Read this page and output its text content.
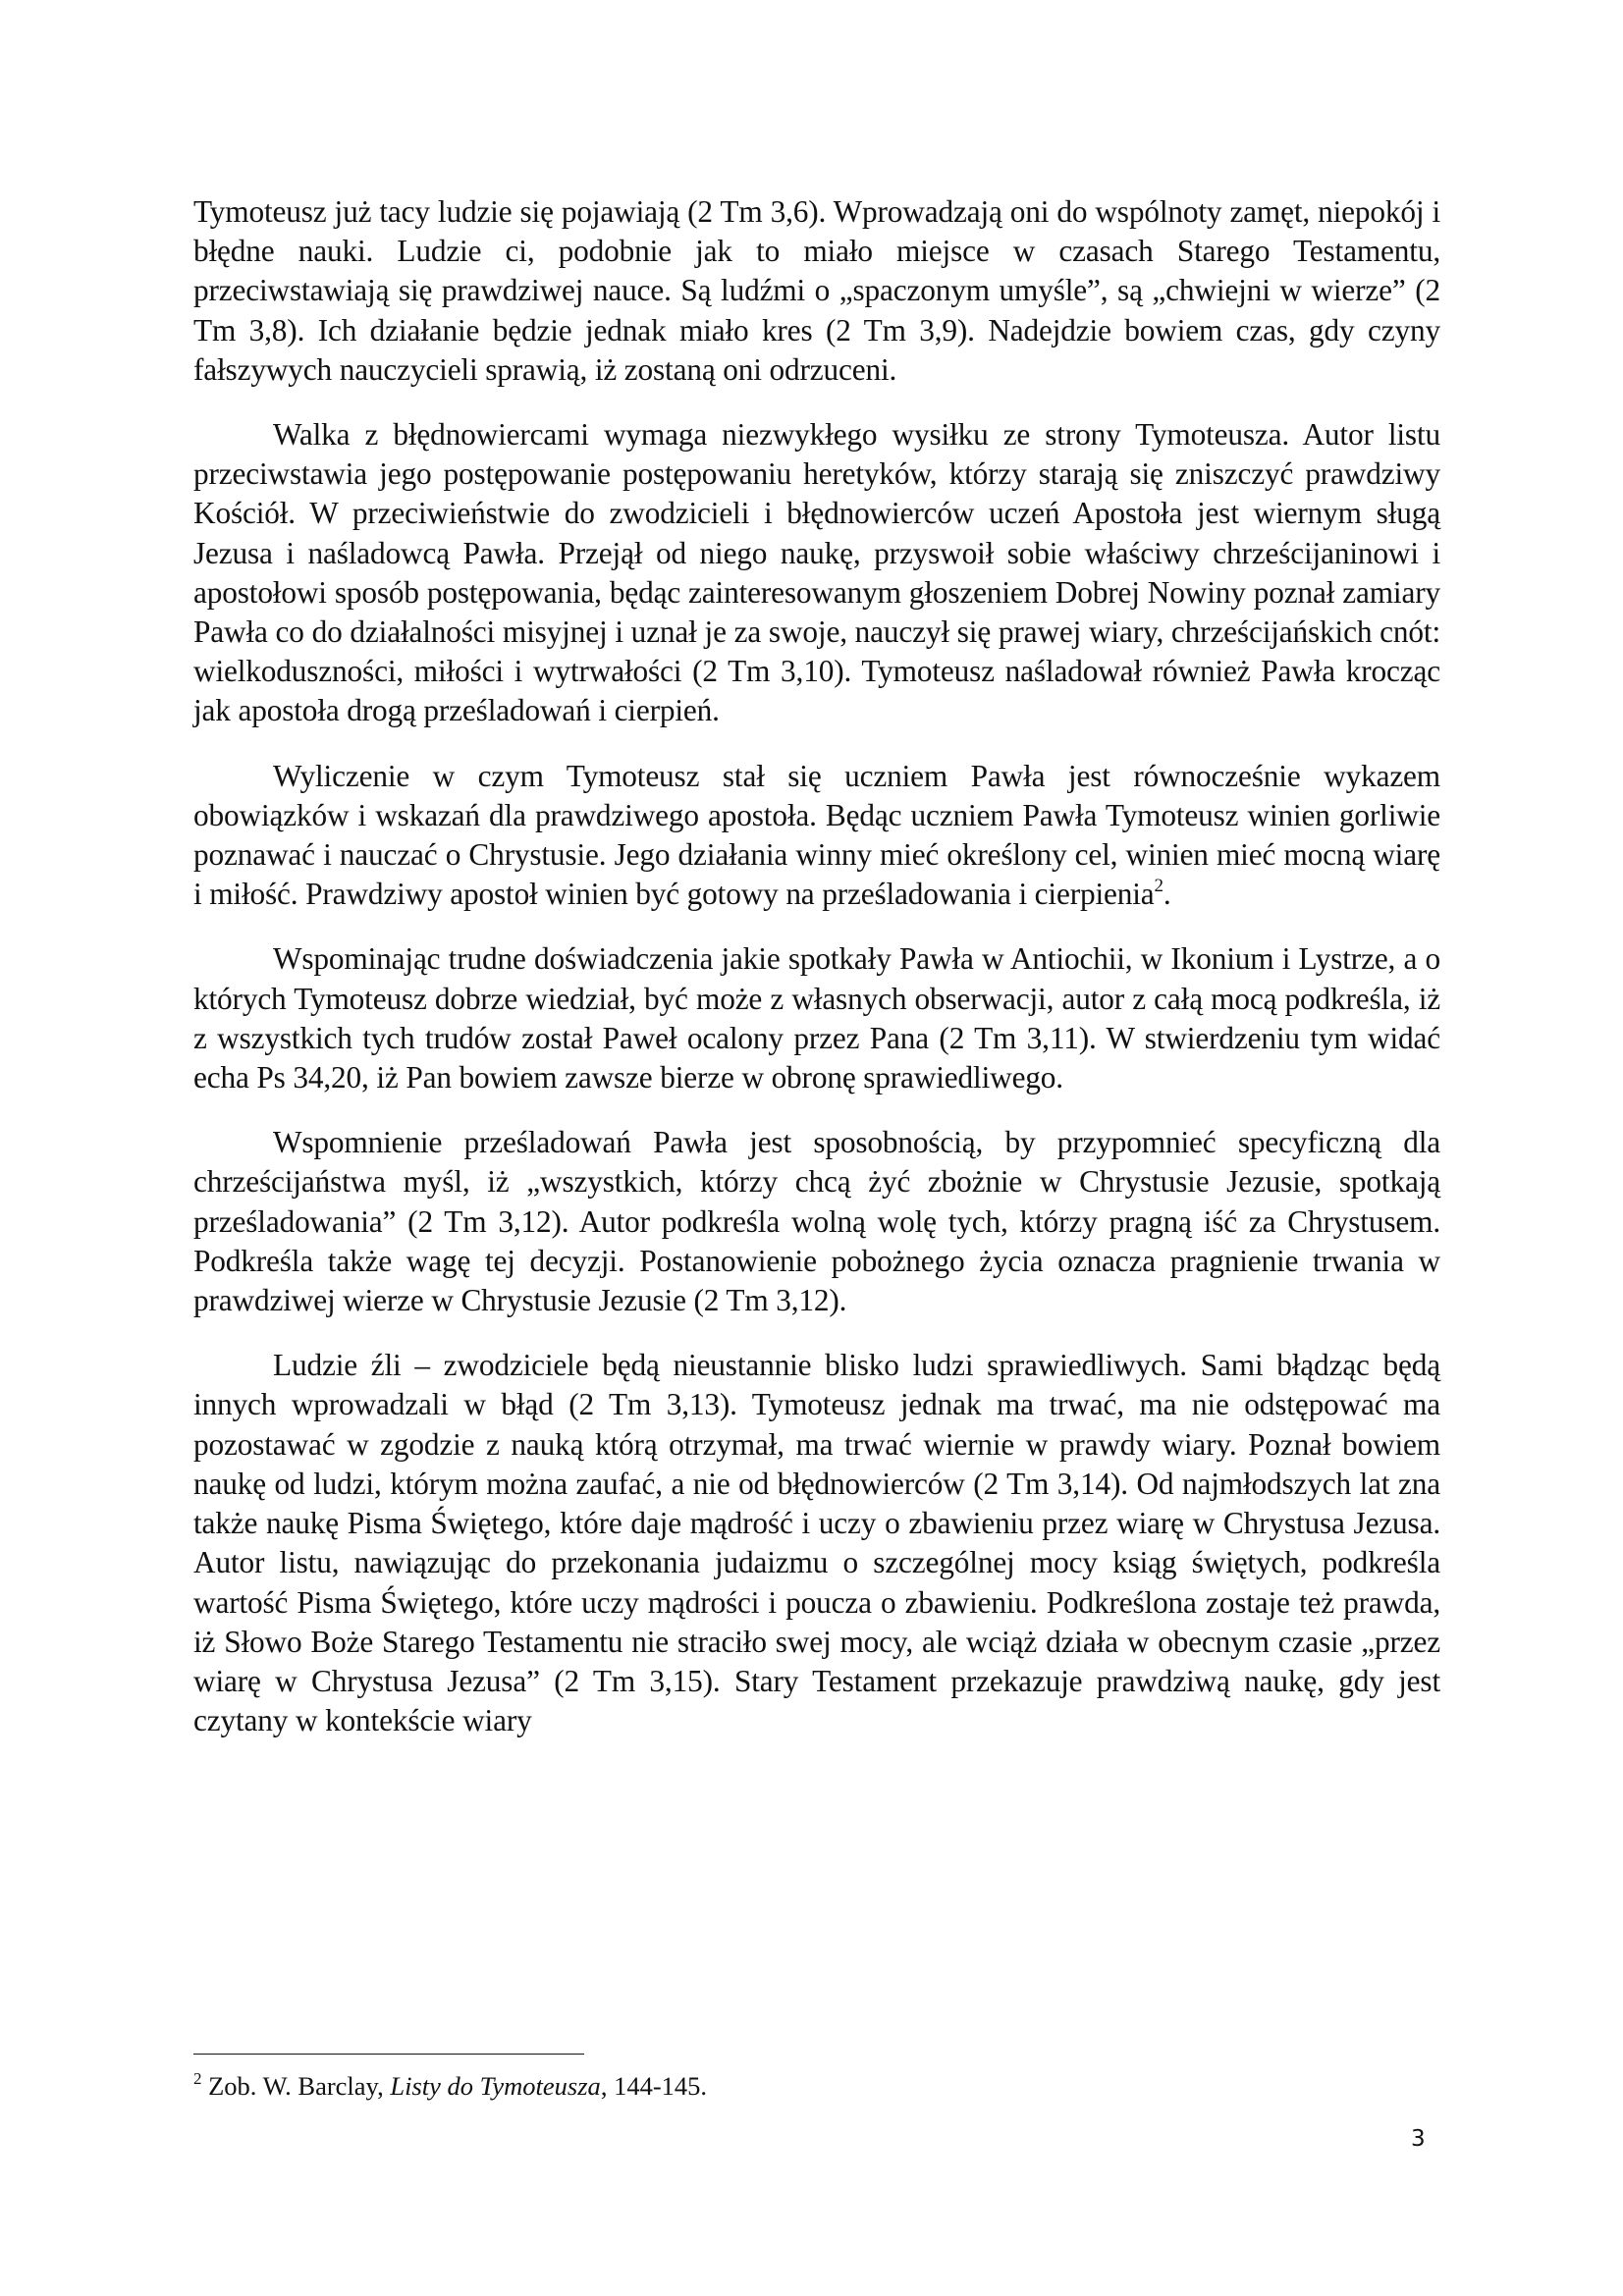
Tymoteusz już tacy ludzie się pojawiają (2 Tm 3,6). Wprowadzają oni do wspólnoty zamęt, niepokój i błędne nauki. Ludzie ci, podobnie jak to miało miejsce w czasach Starego Testamentu, przeciwstawiają się prawdziwej nauce. Są ludźmi o „spaczonym umyśle”, są „chwiejni w wierze” (2 Tm 3,8). Ich działanie będzie jednak miało kres (2 Tm 3,9). Nadejdzie bowiem czas, gdy czyny fałszywych nauczycieli sprawią, iż zostaną oni odrzuceni.

Walka z błędnowiercami wymaga niezwykłego wysiłku ze strony Tymoteusza. Autor listu przeciwstawia jego postępowanie postępowaniu heretyków, którzy starają się zniszczyć prawdziwy Kościół. W przeciwieństwie do zwodzicieli i błędnowierców uczeń Apostoła jest wiernym sługą Jezusa i naśladowcą Pawła. Przejął od niego naukę, przyswoił sobie właściwy chrześcijaninowi i apostołowi sposób postępowania, będąc zainteresowanym głoszeniem Dobrej Nowiny poznał zamiary Pawła co do działalności misyjnej i uznał je za swoje, nauczył się prawej wiary, chrześcijańskich cnót: wielkoduszności, miłości i wytrwałości (2 Tm 3,10). Tymoteusz naśladował również Pawła krocząc jak apostoła drogą prześladowań i cierpień.

Wyliczenie w czym Tymoteusz stał się uczniem Pawła jest równocześnie wykazem obowiązków i wskazań dla prawdziwego apostoła. Będąc uczniem Pawła Tymoteusz winien gorliwie poznawać i nauczać o Chrystusie. Jego działania winny mieć określony cel, winien mieć mocną wiarę i miłość. Prawdziwy apostoł winien być gotowy na prześladowania i cierpienia$^2$.

Wspominając trudne doświadczenia jakie spotkały Pawła w Antiochii, w Ikonium i Lystrze, a o których Tymoteusz dobrze wiedział, być może z własnych obserwacji, autor z całą mocą podkreśla, iż z wszystkich tych trudów został Paweł ocalony przez Pana (2 Tm 3,11). W stwierdzeniu tym widać echa Ps 34,20, iż Pan bowiem zawsze bierze w obronę sprawiedliwego.

Wspomnienie prześladowań Pawła jest sposobnością, by przypomnieć specyficzną dla chrześcijaństwa myśl, iż „wszystkich, którzy chcą żyć zbożnie w Chrystusie Jezusie, spotkają prześladowania” (2 Tm 3,12). Autor podkreśla wolną wolę tych, którzy pragną iść za Chrystusem. Podkreśla także wagę tej decyzji. Postanowienie pobożnego życia oznacza pragnienie trwania w prawdziwej wierze w Chrystusie Jezusie (2 Tm 3,12).

Ludzie źli – zwodziciele będą nieustannie blisko ludzi sprawiedliwych. Sami błądząc będą innych wprowadzali w błąd (2 Tm 3,13). Tymoteusz jednak ma trwać, ma nie odstępować ma pozostawać w zgodzie z nauką którą otrzymał, ma trwać wiernie w prawdy wiary. Poznał bowiem naukę od ludzi, którym można zaufać, a nie od błędnowierców (2 Tm 3,14). Od najmłodszych lat zna także naukę Pisma Świętego, które daje mądrość i uczy o zbawieniu przez wiarę w Chrystusa Jezusa. Autor listu, nawiązując do przekonania judaizmu o szczególnej mocy ksiąg świętych, podkreśla wartość Pisma Świętego, które uczy mądrości i poucza o zbawieniu. Podkreślona zostaje też prawda, iż Słowo Boże Starego Testamentu nie straciło swej mocy, ale wciąż działa w obecnym czasie „przez wiarę w Chrystusa Jezusa” (2 Tm 3,15). Stary Testament przekazuje prawdziwą naukę, gdy jest czytany w kontekście wiary

$^2$ Zob. W. Barclay, Listy do Tymoteusza, 144-145.
3
